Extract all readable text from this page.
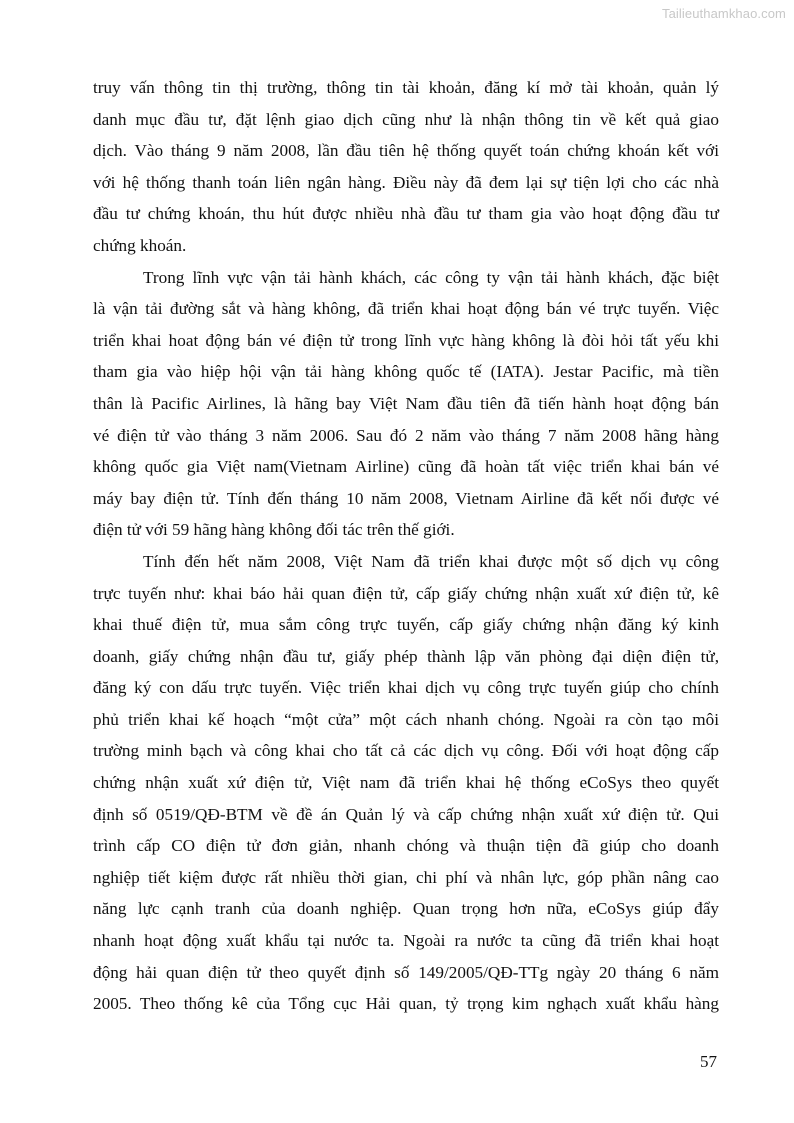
Tailieuthamkhao.com

truy vấn thông tin thị trường, thông tin tài khoản, đăng kí mở tài khoản, quản lý
danh mục đầu tư, đặt lệnh giao dịch cũng như là nhận thông tin về kết quả giao
dịch. Vào tháng 9 năm 2008, lần đầu tiên hệ thống quyết toán chứng khoán kết với
với hệ thống thanh toán liên ngân hàng. Điều này đã đem lại sự tiện lợi cho các nhà
đầu tư chứng khoán, thu hút được nhiều nhà đầu tư tham gia vào hoạt động đầu tư
chứng khoán.

Trong lĩnh vực vận tải hành khách, các công ty vận tải hành khách, đặc biệt
là vận tải đường sắt và hàng không, đã triển khai hoạt động bán vé trực tuyến. Việc
triển khai hoat động bán vé điện tử trong lĩnh vực hàng không là đòi hỏi tất yếu khi
tham gia vào hiệp hội vận tải hàng không quốc tế (IATA). Jestar Pacific, mà tiền
thân là Pacific Airlines, là hãng bay Việt Nam đầu tiên đã tiến hành hoạt động bán
vé điện tử vào tháng 3 năm 2006. Sau đó 2 năm vào tháng 7 năm 2008 hãng hàng
không quốc gia Việt nam(Vietnam Airline) cũng đã hoàn tất việc triển khai bán vé
máy bay điện tử. Tính đến tháng 10 năm 2008, Vietnam Airline đã kết nối được vé
điện tử với 59 hãng hàng không đối tác trên thế giới.

Tính đến hết năm 2008, Việt Nam đã triển khai được một số dịch vụ công
trực tuyến như: khai báo hải quan điện tử, cấp giấy chứng nhận xuất xứ điện tử, kê
khai thuế điện tử, mua sắm công trực tuyến, cấp giấy chứng nhận đăng ký kinh
doanh, giấy chứng nhận đầu tư, giấy phép thành lập văn phòng đại diện điện tử,
đăng ký con dấu trực tuyến. Việc triển khai dịch vụ công trực tuyến giúp cho chính
phủ triển khai kế hoạch “một cửa” một cách nhanh chóng. Ngoài ra còn tạo môi
trường minh bạch và công khai cho tất cả các dịch vụ công. Đối với hoạt động cấp
chứng nhận xuất xứ điện tử, Việt nam đã triển khai hệ thống eCoSys theo quyết
định số 0519/QĐ-BTM về đề án Quản lý và cấp chứng nhận xuất xứ điện tử. Qui
trình cấp CO điện tử đơn giản, nhanh chóng và thuận tiện đã giúp cho doanh
nghiệp tiết kiệm được rất nhiều thời gian, chi phí và nhân lực, góp phần nâng cao
năng lực cạnh tranh của doanh nghiệp. Quan trọng hơn nữa, eCoSys giúp đẩy
nhanh hoạt động xuất khẩu tại nước ta. Ngoài ra nước ta cũng đã triển khai hoạt
động hải quan điện tử theo quyết định số 149/2005/QĐ-TTg ngày 20 tháng 6 năm
2005. Theo thống kê của Tổng cục Hải quan, tỷ trọng kim nghạch xuất khẩu hàng

57
